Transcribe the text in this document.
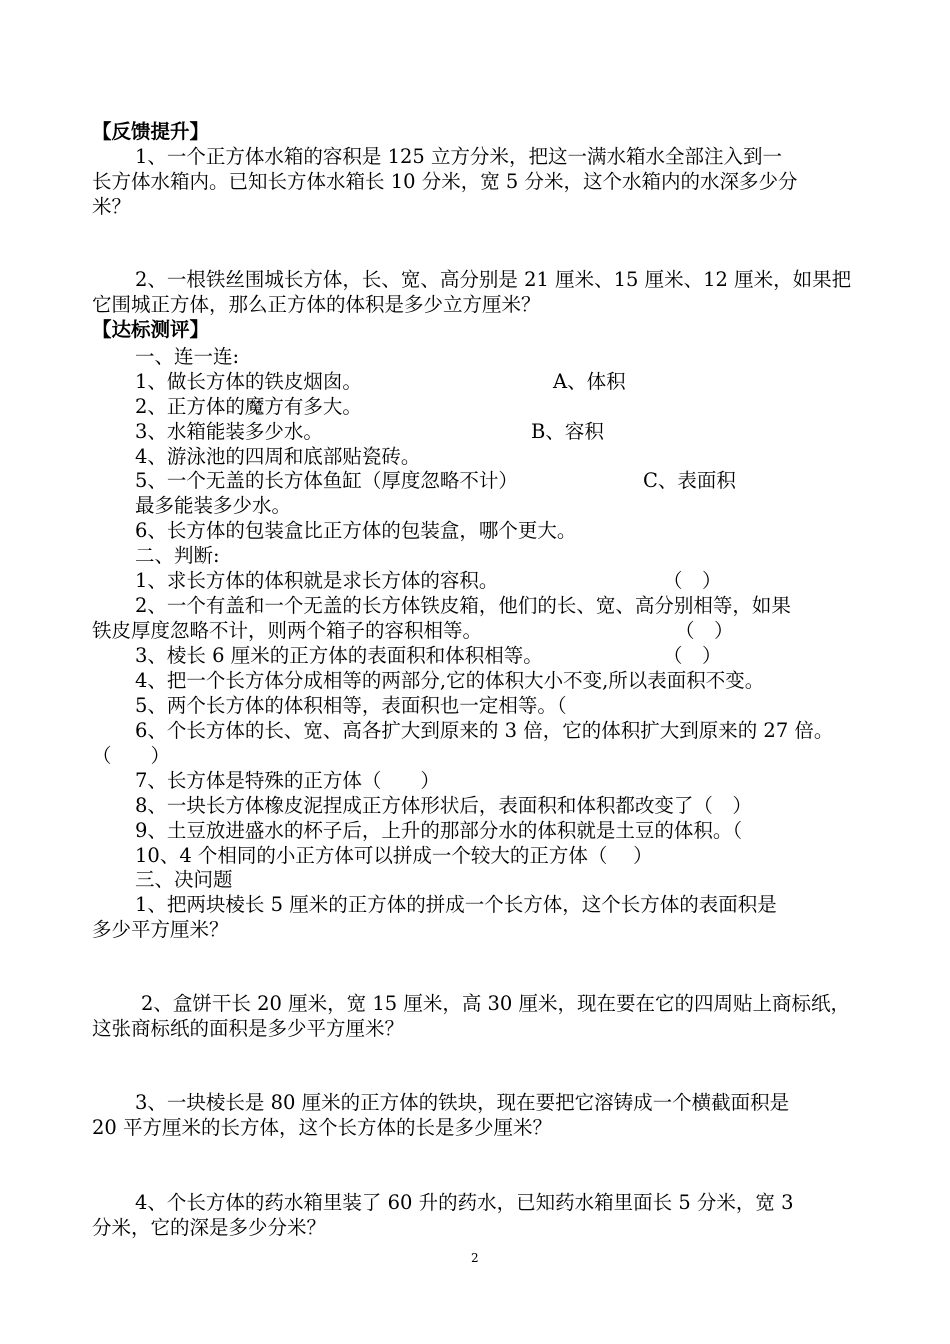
【反馈提升】
1、一个正方体水箱的容积是 125 立方分米，把这一满水箱水全部注入到一
长方体水箱内。已知长方体水箱长 10 分米，宽 5 分米，这个水箱内的水深多少分
米？
2、一根铁丝围城长方体，长、宽、高分别是 21 厘米、15 厘米、12 厘米，如果把
它围城正方体，那么正方体的体积是多少立方厘米？
【达标测评】
一、连一连:
1、做长方体的铁皮烟囱。	A、体积
2、正方体的魔方有多大。
3、水箱能装多少水。	B、容积
4、游泳池的四周和底部贴瓷砖。
5、一个无盖的长方体鱼缸（厚度忽略不计）	C、表面积
最多能装多少水。
6、长方体的包装盒比正方体的包装盒，哪个更大。
二、判断:
1、求长方体的体积就是求长方体的容积。	（　）
2、一个有盖和一个无盖的长方体铁皮箱，他们的长、宽、高分别相等，如果
铁皮厚度忽略不计，则两个箱子的容积相等。	（　）
3、棱长 6 厘米的正方体的表面积和体积相等。	（　）
4、把一个长方体分成相等的两部分,它的体积大小不变,所以表面积不变。
5、两个长方体的体积相等，表面积也一定相等。（
6、个长方体的长、宽、高各扩大到原来的 3 倍，它的体积扩大到原来的 27 倍。
（　　）
7、长方体是特殊的正方体（　　）
8、一块长方体橡皮泥捏成正方体形状后，表面积和体积都改变了（　）
9、土豆放进盛水的杯子后，上升的那部分水的体积就是土豆的体积。（
10、4 个相同的小正方体可以拼成一个较大的正方体（　 ）
三、决问题
1、把两块棱长 5 厘米的正方体的拼成一个长方体，这个长方体的表面积是
多少平方厘米？
2、盒饼干长 20 厘米，宽 15 厘米，高 30 厘米，现在要在它的四周贴上商标纸，
这张商标纸的面积是多少平方厘米？
3、一块棱长是 80 厘米的正方体的铁块，现在要把它溶铸成一个横截面积是
20 平方厘米的长方体，这个长方体的长是多少厘米？
4、个长方体的药水箱里装了 60 升的药水，已知药水箱里面长 5 分米，宽 3
分米，它的深是多少分米？
2
